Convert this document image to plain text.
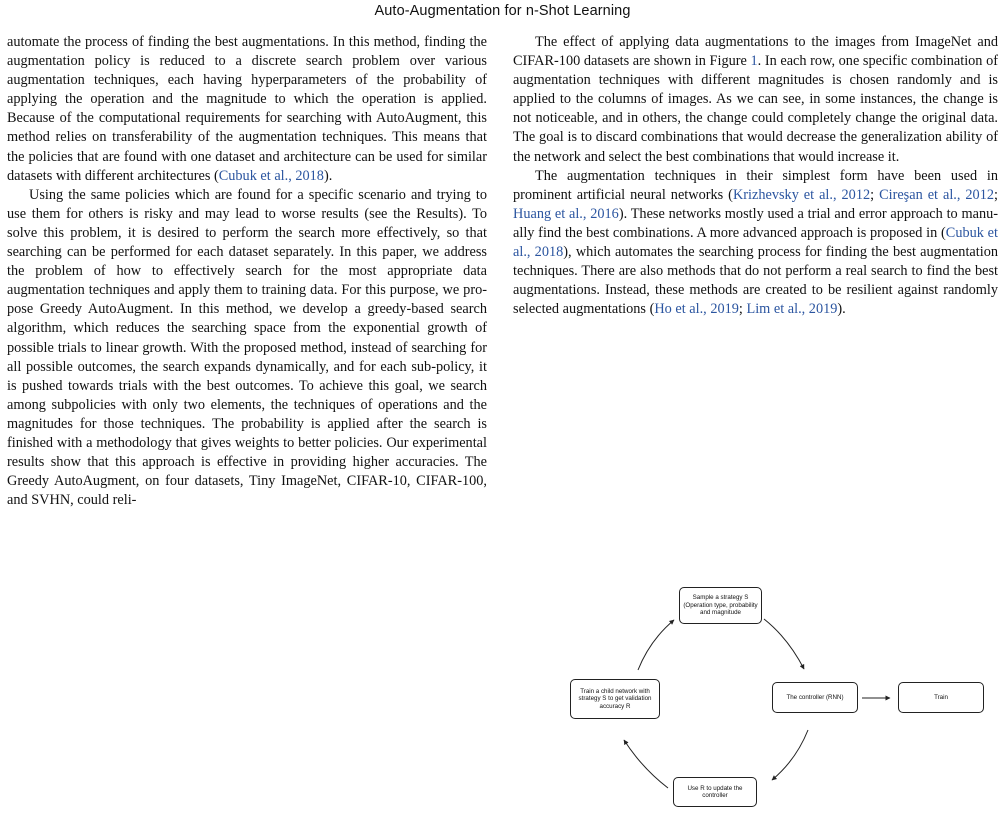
Auto-Augmentation for n-Shot Learning

automate the process of finding the best augmentations. In this method, finding the augmentation policy is reduced to a discrete search problem over various augmentation techniques, each having hyperparameters of the probability of applying the operation and the magnitude to which the operation is applied. Because of the computational requirements for searching with AutoAugment, this method relies on transferability of the augmentation techniques. This means that the policies that are found with one dataset and architecture can be used for similar datasets with different architectures (Cubuk et al., 2018).

Using the same policies which are found for a specific scenario and trying to use them for others is risky and may lead to worse results (see the Results). To solve this problem, it is desired to perform the search more effectively, so that searching can be performed for each dataset separately. In this paper, we address the problem of how to effectively search for the most appropriate data augmentation techniques and apply them to training data. For this purpose, we propose Greedy AutoAugment. In this method, we develop a greedy-based search algorithm, which reduces the searching space from the exponential growth of possible trials to linear growth. With the proposed method, instead of searching for all possible outcomes, the search expands dynamically, and for each sub-policy, it is pushed towards trials with the best outcomes. To achieve this goal, we search among subpolicies with only two elements, the techniques of operations and the magnitudes for those techniques. The probability is applied after the search is finished with a methodology that gives weights to better policies. Our experimental results show that this approach is effective in providing higher accuracies. The Greedy AutoAugment, on four datasets, Tiny ImageNet, CIFAR-10, CIFAR-100, and SVHN, could reli-

The effect of applying data augmentations to the images from ImageNet and CIFAR-100 datasets are shown in Figure 1. In each row, one specific combination of augmentation techniques with different magnitudes is chosen randomly and is applied to the columns of images. As we can see, in some instances, the change is not noticeable, and in others, the change could completely change the original data. The goal is to discard combinations that would decrease the generalization ability of the network and select the best combinations that would increase it.

The augmentation techniques in their simplest form have been used in prominent artificial neural networks (Krizhevsky et al., 2012; Cireşan et al., 2012; Huang et al., 2016). These networks mostly used a trial and error approach to manually find the best combinations. A more advanced approach is proposed in (Cubuk et al., 2018), which automates the searching process for finding the best augmentation techniques. There are also methods that do not perform a real search to find the best augmentations. Instead, these methods are created to be resilient against randomly selected augmentations (Ho et al., 2019; Lim et al., 2019).

Sample a strategy S (Operation type, probability and magnitude
The controller (RNN)	Train
Use R to update the controller
Train a child network with strategy S to get validation accuracy R
